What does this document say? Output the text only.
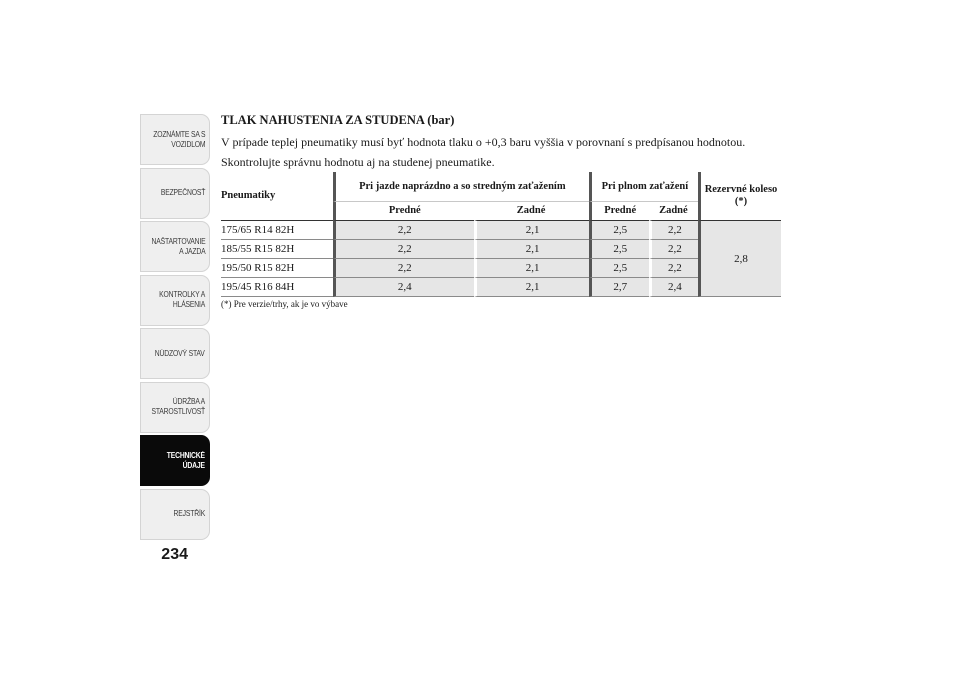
ZOZNÁMTE SA S
VOZIDLOM
BEZPEČNOSŤ
NAŠTARTOVANIE
A JAZDA
KONTROLKY A
HLÁSENIA
NÚDZOVÝ STAV
ÚDRŽBA A
STAROSTLIVOSŤ
TECHNICKÉ
ÚDAJE
REJSTŘÍK
234
TLAK NAHUSTENIA ZA STUDENA (bar)

V prípade teplej pneumatiky musí byť hodnota tlaku o +0,3 baru vyššia v porovnaní s predpísanou hodnotou.

Skontrolujte správnu hodnotu aj na studenej pneumatike.

Pneumatiky	Pri jazde naprázdno a so stredným zaťažením		Pri plnom zaťažení		Rezervné koleso (*)
	Predné	Zadné	Predné	Zadné	
175/65 R14 82H	2,2	2,1	2,5	2,2	2,8
185/55 R15 82H	2,2	2,1	2,5	2,2	
195/50 R15 82H	2,2	2,1	2,5	2,2	
195/45 R16 84H	2,4	2,1	2,7	2,4	
(*) Pre verzie/trhy, ak je vo výbave
